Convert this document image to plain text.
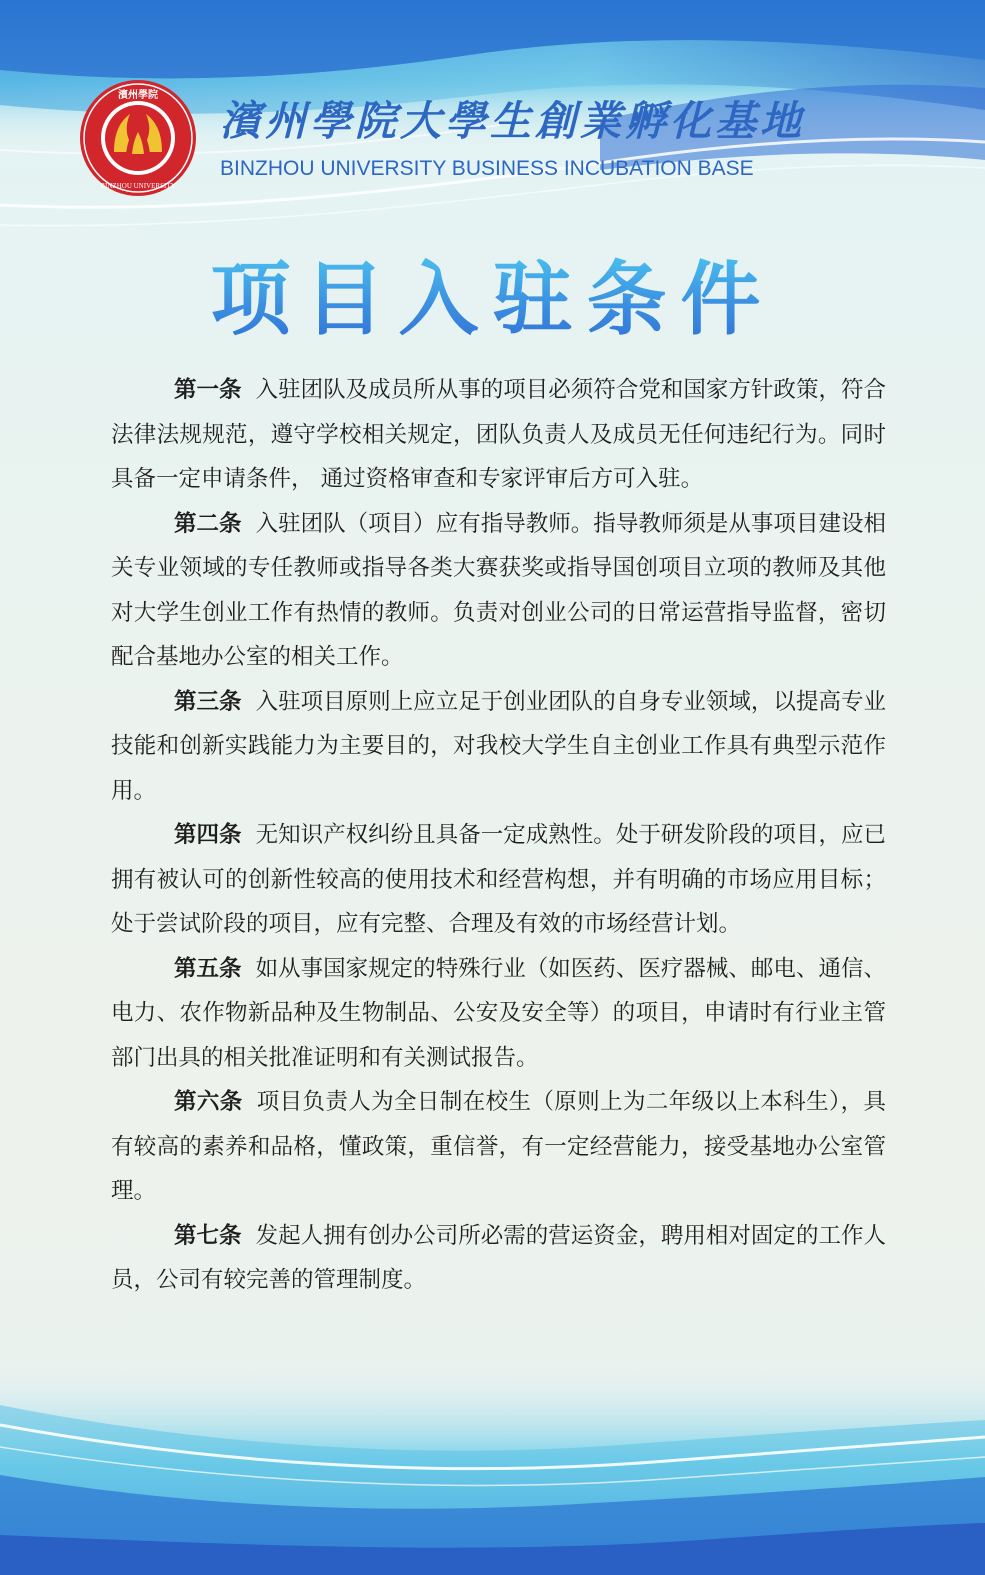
濱州學院
BINZHOU UNIVERSITY
濱州學院大學生創業孵化基地
BINZHOU UNIVERSITY BUSINESS INCUBATION BASE
项目入驻条件

第一条 入驻团队及成员所从事的项目必须符合党和国家方针政策，符合法律法规规范，遵守学校相关规定，团队负责人及成员无任何违纪行为。同时具备一定申请条件， 通过资格审查和专家评审后方可入驻。

第二条 入驻团队（项目）应有指导教师。指导教师须是从事项目建设相关专业领域的专任教师或指导各类大赛获奖或指导国创项目立项的教师及其他对大学生创业工作有热情的教师。负责对创业公司的日常运营指导监督，密切配合基地办公室的相关工作。

第三条 入驻项目原则上应立足于创业团队的自身专业领域，以提高专业技能和创新实践能力为主要目的，对我校大学生自主创业工作具有典型示范作用。

第四条 无知识产权纠纷且具备一定成熟性。处于研发阶段的项目，应已拥有被认可的创新性较高的使用技术和经营构想，并有明确的市场应用目标；处于尝试阶段的项目，应有完整、合理及有效的市场经营计划。

第五条 如从事国家规定的特殊行业（如医药、医疗器械、邮电、通信、电力、农作物新品种及生物制品、公安及安全等）的项目，申请时有行业主管部门出具的相关批准证明和有关测试报告。

第六条 项目负责人为全日制在校生（原则上为二年级以上本科生），具有较高的素养和品格，懂政策，重信誉，有一定经营能力，接受基地办公室管理。

第七条 发起人拥有创办公司所必需的营运资金，聘用相对固定的工作人员，公司有较完善的管理制度。
